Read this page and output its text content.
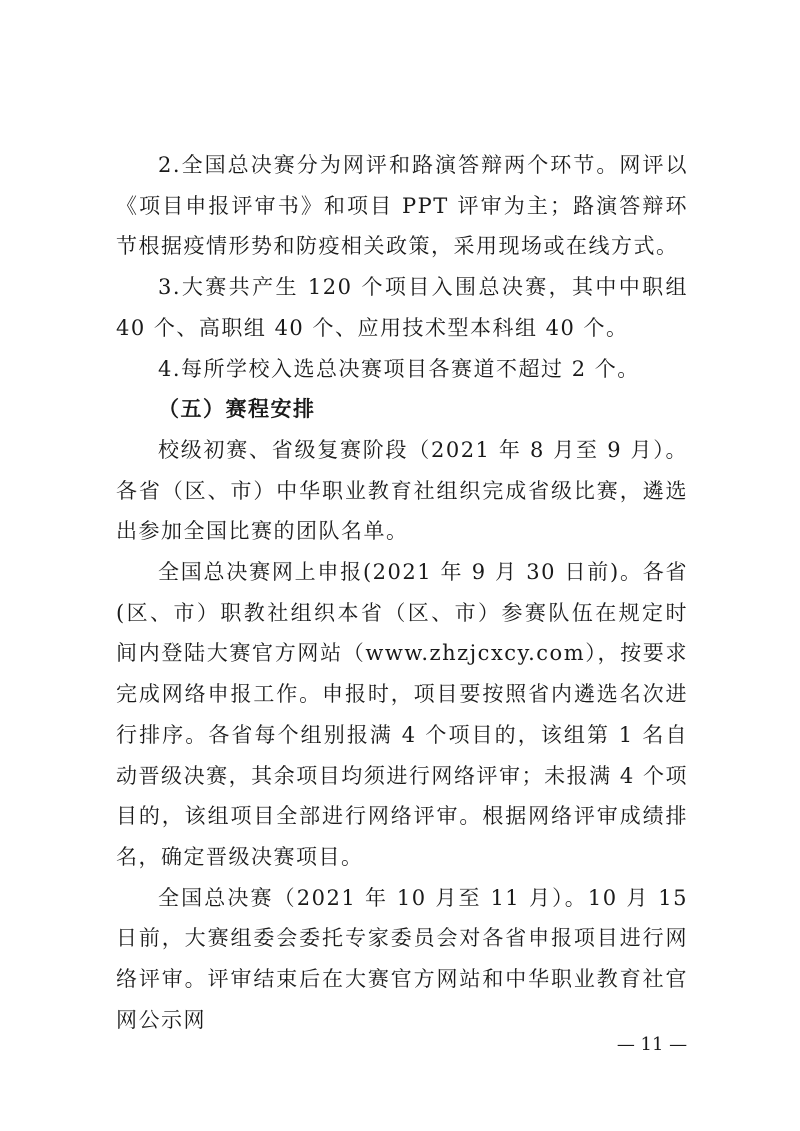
2.全国总决赛分为网评和路演答辩两个环节。网评以《项目申报评审书》和项目 PPT 评审为主；路演答辩环节根据疫情形势和防疫相关政策，采用现场或在线方式。

3.大赛共产生 120 个项目入围总决赛，其中中职组 40 个、高职组 40 个、应用技术型本科组 40 个。

4.每所学校入选总决赛项目各赛道不超过 2 个。

（五）赛程安排

校级初赛、省级复赛阶段（2021 年 8 月至 9 月）。各省（区、市）中华职业教育社组织完成省级比赛，遴选出参加全国比赛的团队名单。

全国总决赛网上申报(2021 年 9 月 30 日前)。各省(区、市）职教社组织本省（区、市）参赛队伍在规定时间内登陆大赛官方网站（www.zhzjcxcy.com），按要求完成网络申报工作。申报时，项目要按照省内遴选名次进行排序。各省每个组别报满 4 个项目的，该组第 1 名自动晋级决赛，其余项目均须进行网络评审；未报满 4 个项目的，该组项目全部进行网络评审。根据网络评审成绩排名，确定晋级决赛项目。

全国总决赛（2021 年 10 月至 11 月）。10 月 15 日前，大赛组委会委托专家委员会对各省申报项目进行网络评审。评审结束后在大赛官方网站和中华职业教育社官网公示网

— 11 —
